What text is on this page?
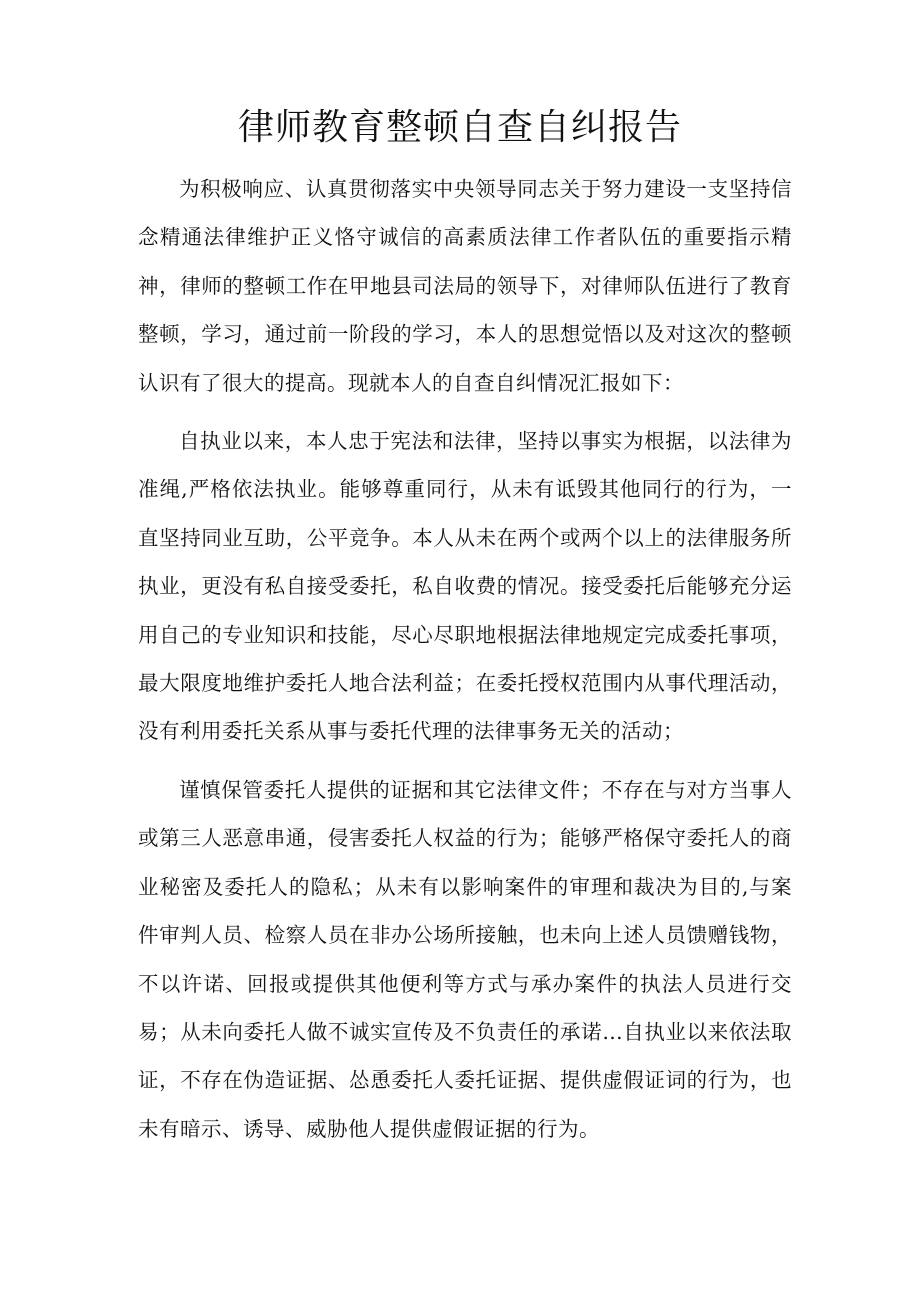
律师教育整顿自查自纠报告

为积极响应、认真贯彻落实中央领导同志关于努力建设一支坚持信念精通法律维护正义恪守诚信的高素质法律工作者队伍的重要指示精神，律师的整顿工作在甲地县司法局的领导下，对律师队伍进行了教育整顿，学习，通过前一阶段的学习，本人的思想觉悟以及对这次的整顿认识有了很大的提高。现就本人的自查自纠情况汇报如下：

自执业以来，本人忠于宪法和法律，坚持以事实为根据，以法律为准绳,严格依法执业。能够尊重同行，从未有诋毁其他同行的行为，一直坚持同业互助，公平竞争。本人从未在两个或两个以上的法律服务所执业，更没有私自接受委托，私自收费的情况。接受委托后能够充分运用自己的专业知识和技能，尽心尽职地根据法律地规定完成委托事项，最大限度地维护委托人地合法利益；在委托授权范围内从事代理活动，没有利用委托关系从事与委托代理的法律事务无关的活动；

谨慎保管委托人提供的证据和其它法律文件；不存在与对方当事人或第三人恶意串通，侵害委托人权益的行为；能够严格保守委托人的商业秘密及委托人的隐私；从未有以影响案件的审理和裁决为目的,与案件审判人员、检察人员在非办公场所接触，也未向上述人员馈赠钱物，不以许诺、回报或提供其他便利等方式与承办案件的执法人员进行交易；从未向委托人做不诚实宣传及不负责任的承诺…自执业以来依法取证，不存在伪造证据、怂恿委托人委托证据、提供虚假证词的行为，也未有暗示、诱导、威胁他人提供虚假证据的行为。
